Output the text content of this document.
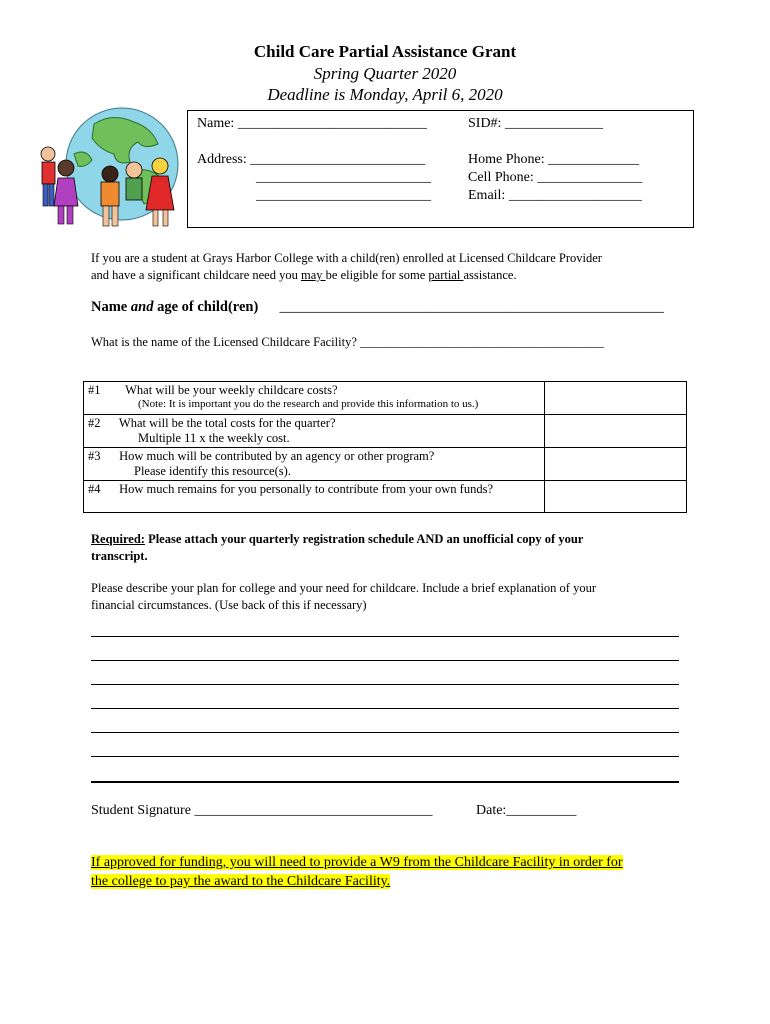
Child Care Partial Assistance Grant
Spring Quarter 2020
Deadline is Monday, April 6, 2020
Name: ___________________________	SID#: ______________
Address: _________________________
_________________________
_________________________
Home Phone: _____________
Cell Phone: _______________
Email: ___________________
If you are a student at Grays Harbor College with a child(ren) enrolled at Licensed Childcare Provider
and have a significant childcare need you may be eligible for some partial assistance.
Name and age of child(ren) _____________________________________________________
What is the name of the Licensed Childcare Facility? _______________________________________
#1 What will be your weekly childcare costs?
(Note: It is important you do the research and provide this information to us.)	

#2 What will be the total costs for the quarter?
Multiple 11 x the weekly cost.	

#3 How much will be contributed by an agency or other program?
Please identify this resource(s).	

#4 How much remains for you personally to contribute from your own funds?	
Required: Please attach your quarterly registration schedule AND an unofficial copy of your
transcript.
Please describe your plan for college and your need for childcare. Include a brief explanation of your
financial circumstances. (Use back of this if necessary)
Student Signature __________________________________	Date:__________
If approved for funding, you will need to provide a W9 from the Childcare Facility in order for
the college to pay the award to the Childcare Facility.
